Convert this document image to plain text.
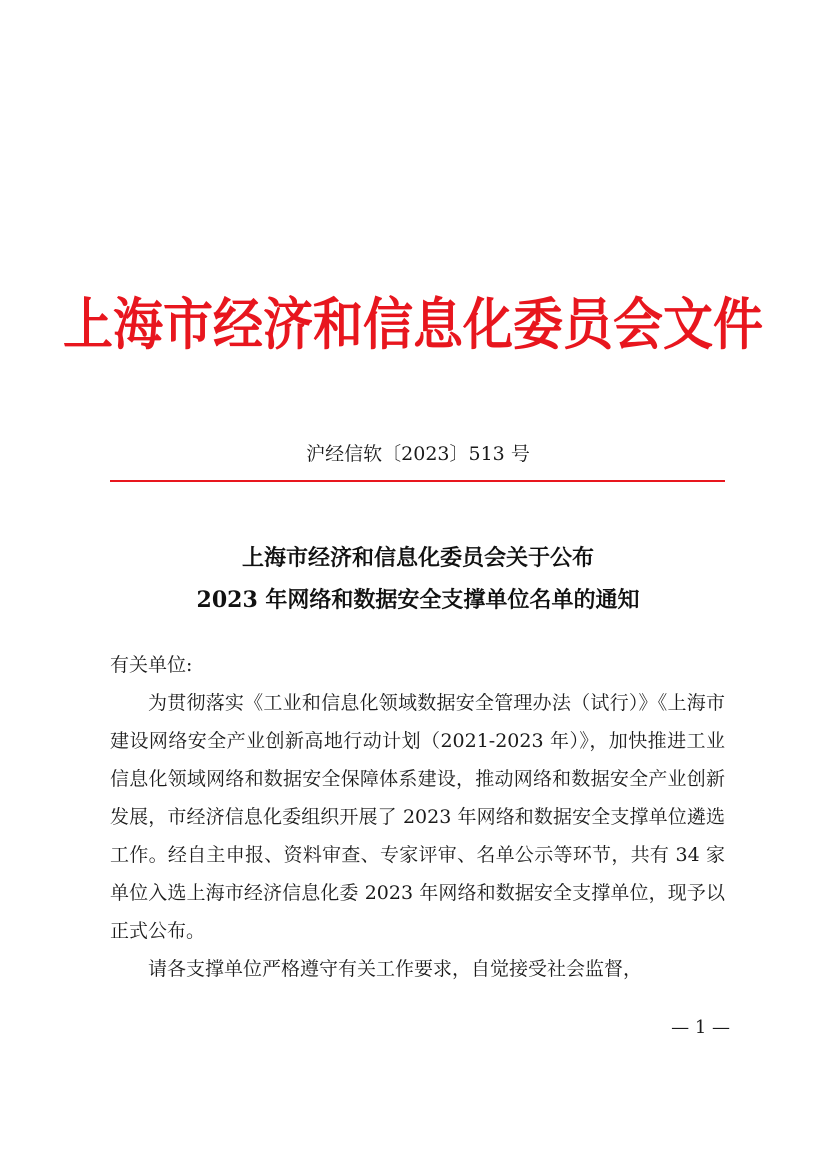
上海市经济和信息化委员会文件
沪经信软〔2023〕513 号
上海市经济和信息化委员会关于公布
2023 年网络和数据安全支撑单位名单的通知

有关单位:

为贯彻落实《工业和信息化领域数据安全管理办法（试行）》《上海市建设网络安全产业创新高地行动计划（2021-2023 年）》，加快推进工业信息化领域网络和数据安全保障体系建设，推动网络和数据安全产业创新发展，市经济信息化委组织开展了 2023 年网络和数据安全支撑单位遴选工作。经自主申报、资料审查、专家评审、名单公示等环节，共有 34 家单位入选上海市经济信息化委 2023 年网络和数据安全支撑单位，现予以正式公布。

请各支撑单位严格遵守有关工作要求，自觉接受社会监督，

— 1 —
